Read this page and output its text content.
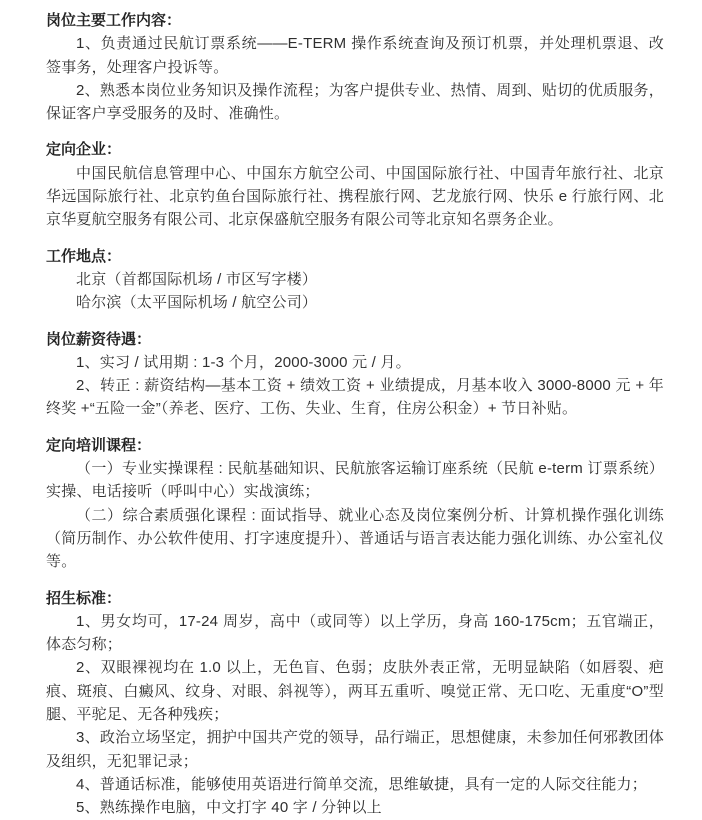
岗位主要工作内容：

1、负责通过民航订票系统——E-TERM 操作系统查询及预订机票，并处理机票退、改签事务，处理客户投诉等。

2、熟悉本岗位业务知识及操作流程；为客户提供专业、热情、周到、贴切的优质服务，保证客户享受服务的及时、准确性。

定向企业：

中国民航信息管理中心、中国东方航空公司、中国国际旅行社、中国青年旅行社、北京华远国际旅行社、北京钓鱼台国际旅行社、携程旅行网、艺龙旅行网、快乐 e 行旅行网、北京华夏航空服务有限公司、北京保盛航空服务有限公司等北京知名票务企业。

工作地点：

北京（首都国际机场 / 市区写字楼）

哈尔滨（太平国际机场 / 航空公司）

岗位薪资待遇：

1、实习 / 试用期 : 1-3 个月，2000-3000 元 / 月。

2、转正 : 薪资结构—基本工资 + 绩效工资 + 业绩提成，月基本收入 3000-8000 元 + 年终奖 +“五险一金”（养老、医疗、工伤、失业、生育，住房公积金）+ 节日补贴。

定向培训课程：

（一）专业实操课程 : 民航基础知识、民航旅客运输订座系统（民航 e-term 订票系统）实操、电话接听（呼叫中心）实战演练；

（二）综合素质强化课程 : 面试指导、就业心态及岗位案例分析、计算机操作强化训练（简历制作、办公软件使用、打字速度提升）、普通话与语言表达能力强化训练、办公室礼仪等。

招生标准：

1、男女均可，17-24 周岁，高中（或同等）以上学历，身高 160-175cm；五官端正，体态匀称；

2、双眼裸视均在 1.0 以上，无色盲、色弱；皮肤外表正常，无明显缺陷（如唇裂、疤痕、斑痕、白癜风、纹身、对眼、斜视等），两耳五重听、嗅觉正常、无口吃、无重度“O”型腿、平驼足、无各种残疾；

3、政治立场坚定，拥护中国共产党的领导，品行端正，思想健康，未参加任何邪教团体及组织，无犯罪记录；

4、普通话标准，能够使用英语进行简单交流，思维敏捷，具有一定的人际交往能力；

5、熟练操作电脑，中文打字 40 字 / 分钟以上
